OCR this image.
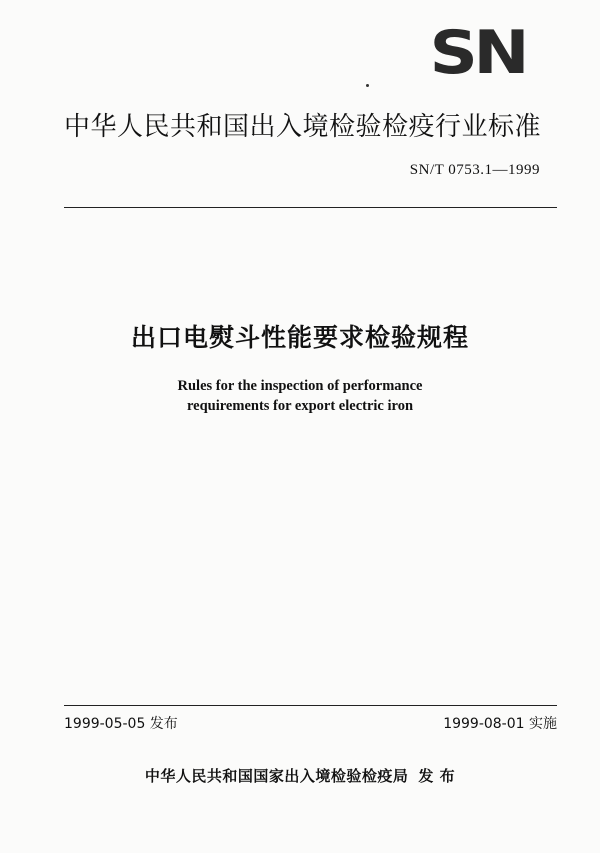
SN
中华人民共和国出入境检验检疫行业标准
SN/T 0753.1—1999
出口电熨斗性能要求检验规程
Rules for the inspection of performance
requirements for export electric iron
1999-05-05 发布	1999-08-01 实施
中华人民共和国国家出入境检验检疫局 发 布
